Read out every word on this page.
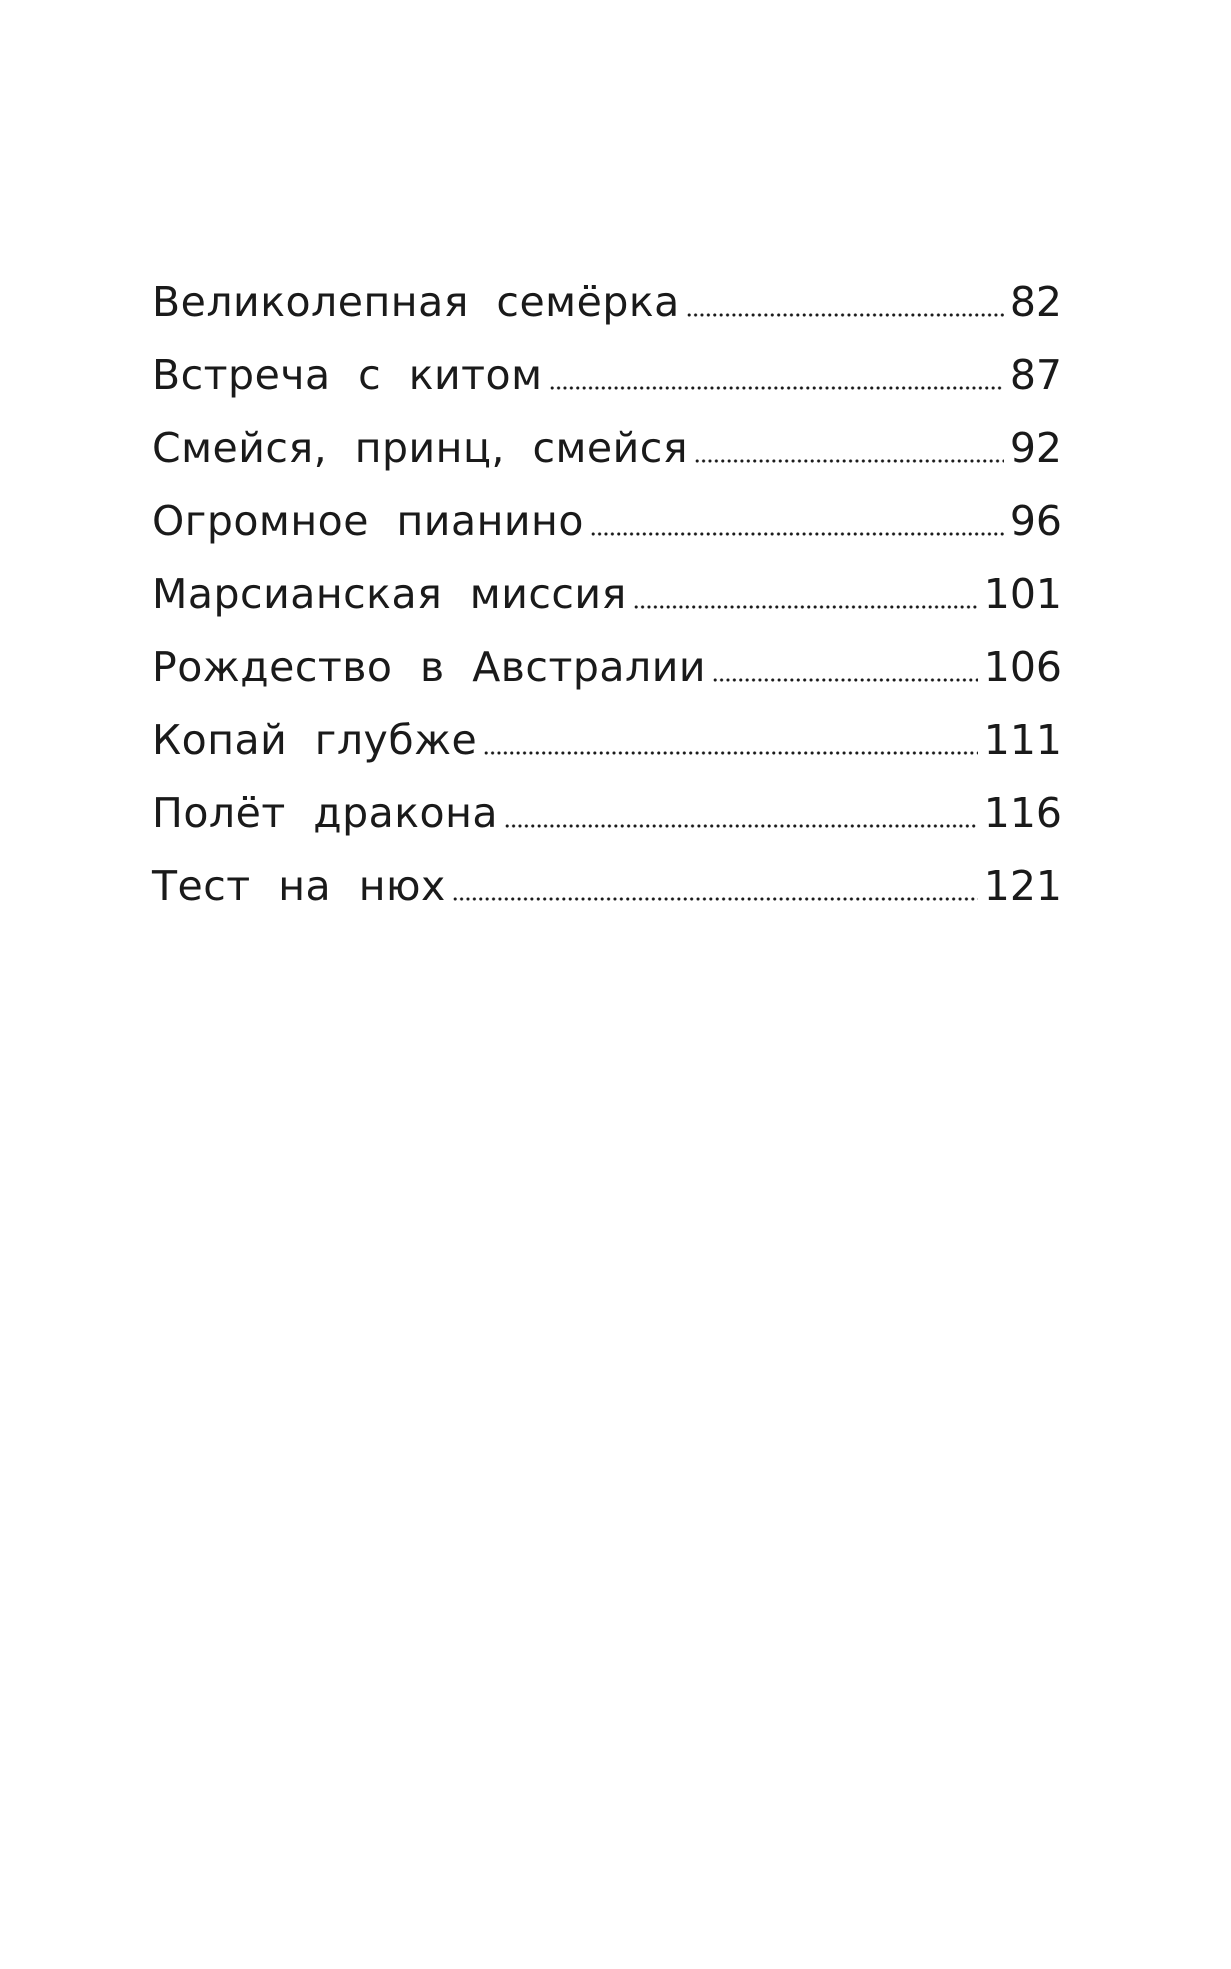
Великолепная семёрка	82
Встреча с китом	87
Смейся, принц, смейся	92
Огромное пианино	96
Марсианская миссия	101
Рождество в Австралии	106
Копай глубже	111
Полёт дракона	116
Тест на нюх	121
